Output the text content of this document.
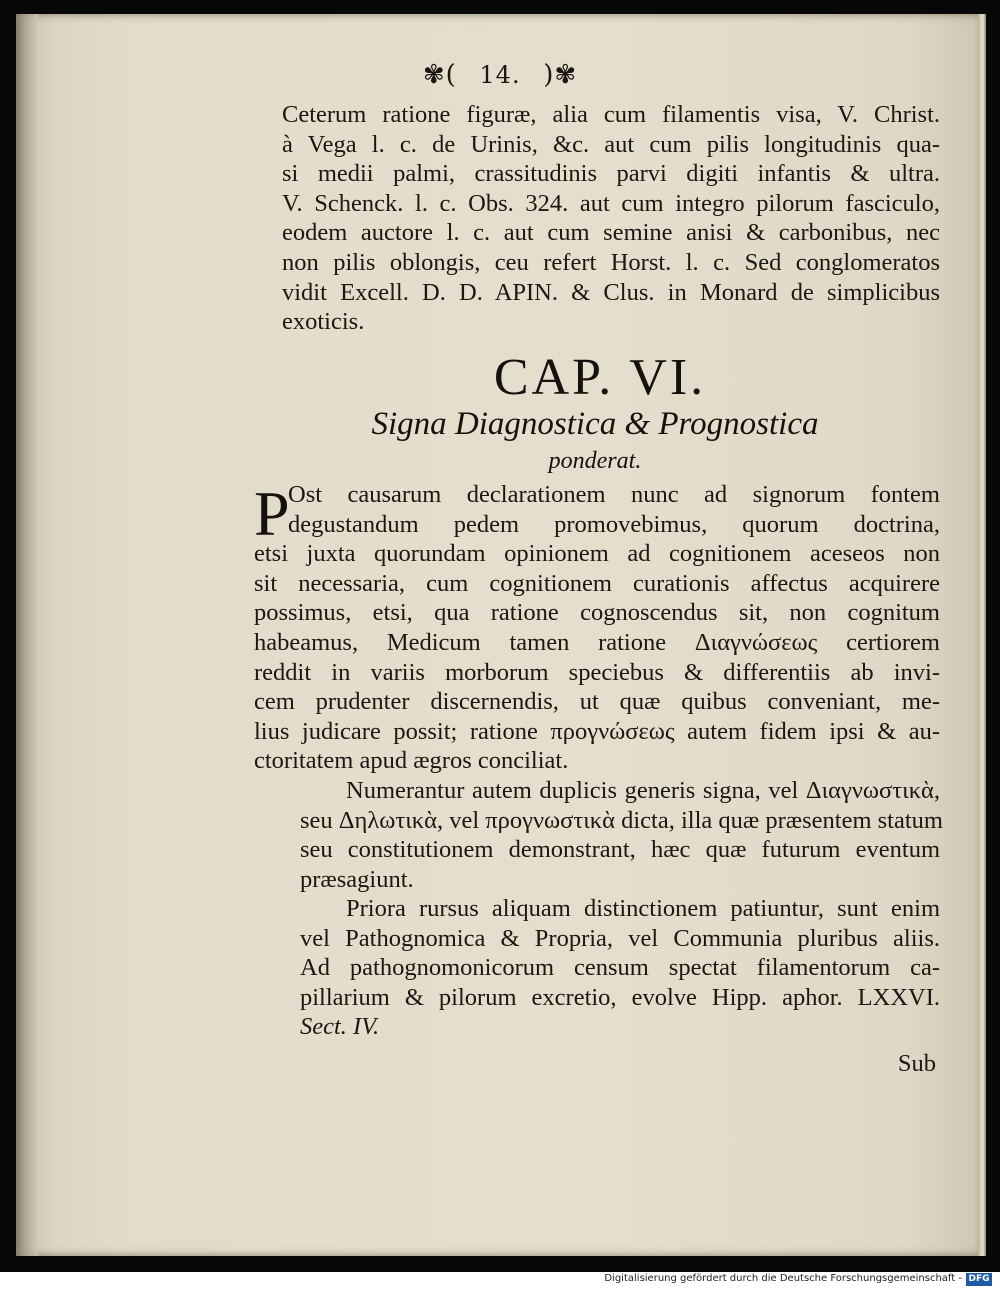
✾( 14. )✾
Ceterum ratione figuræ, alia cum filamentis visa, V. Christ.
à Vega l. c. de Urinis, &c. aut cum pilis longitudinis qua-
si medii palmi, crassitudinis parvi digiti infantis & ultra.
V. Schenck. l. c. Obs. 324. aut cum integro pilorum fasciculo,
eodem auctore l. c. aut cum semine anisi & carbonibus, nec
non pilis oblongis, ceu refert Horst. l. c. Sed conglomeratos
vidit Excell. D. D. APIN. & Clus. in Monard de simplicibus
exoticis.
CAP. VI.
Signa Diagnostica & Prognostica
ponderat.
P
Ost causarum declarationem nunc ad signorum fontem
degustandum pedem promovebimus, quorum doctrina,
etsi juxta quorundam opinionem ad cognitionem aceseos non
sit necessaria, cum cognitionem curationis affectus acquirere
possimus, etsi, qua ratione cognoscendus sit, non cognitum
habeamus, Medicum tamen ratione Διαγνώσεως certiorem
reddit in variis morborum speciebus & differentiis ab invi-
cem prudenter discernendis, ut quæ quibus conveniant, me-
lius judicare possit; ratione προγνώσεως autem fidem ipsi & au-
ctoritatem apud ægros conciliat.
Numerantur autem duplicis generis signa, vel Διαγνωστικὰ,
seu Δηλωτικὰ, vel προγνωστικὰ dicta, illa quæ præsentem statum
seu constitutionem demonstrant, hæc quæ futurum eventum
præsagiunt.
Priora rursus aliquam distinctionem patiuntur, sunt enim
vel Pathognomica & Propria, vel Communia pluribus aliis.
Ad pathognomonicorum censum spectat filamentorum ca-
pillarium & pilorum excretio, evolve Hipp. aphor. LXXVI.
Sect. IV.
Sub
Digitalisierung gefördert durch die Deutsche Forschungsgemeinschaft - DFG
